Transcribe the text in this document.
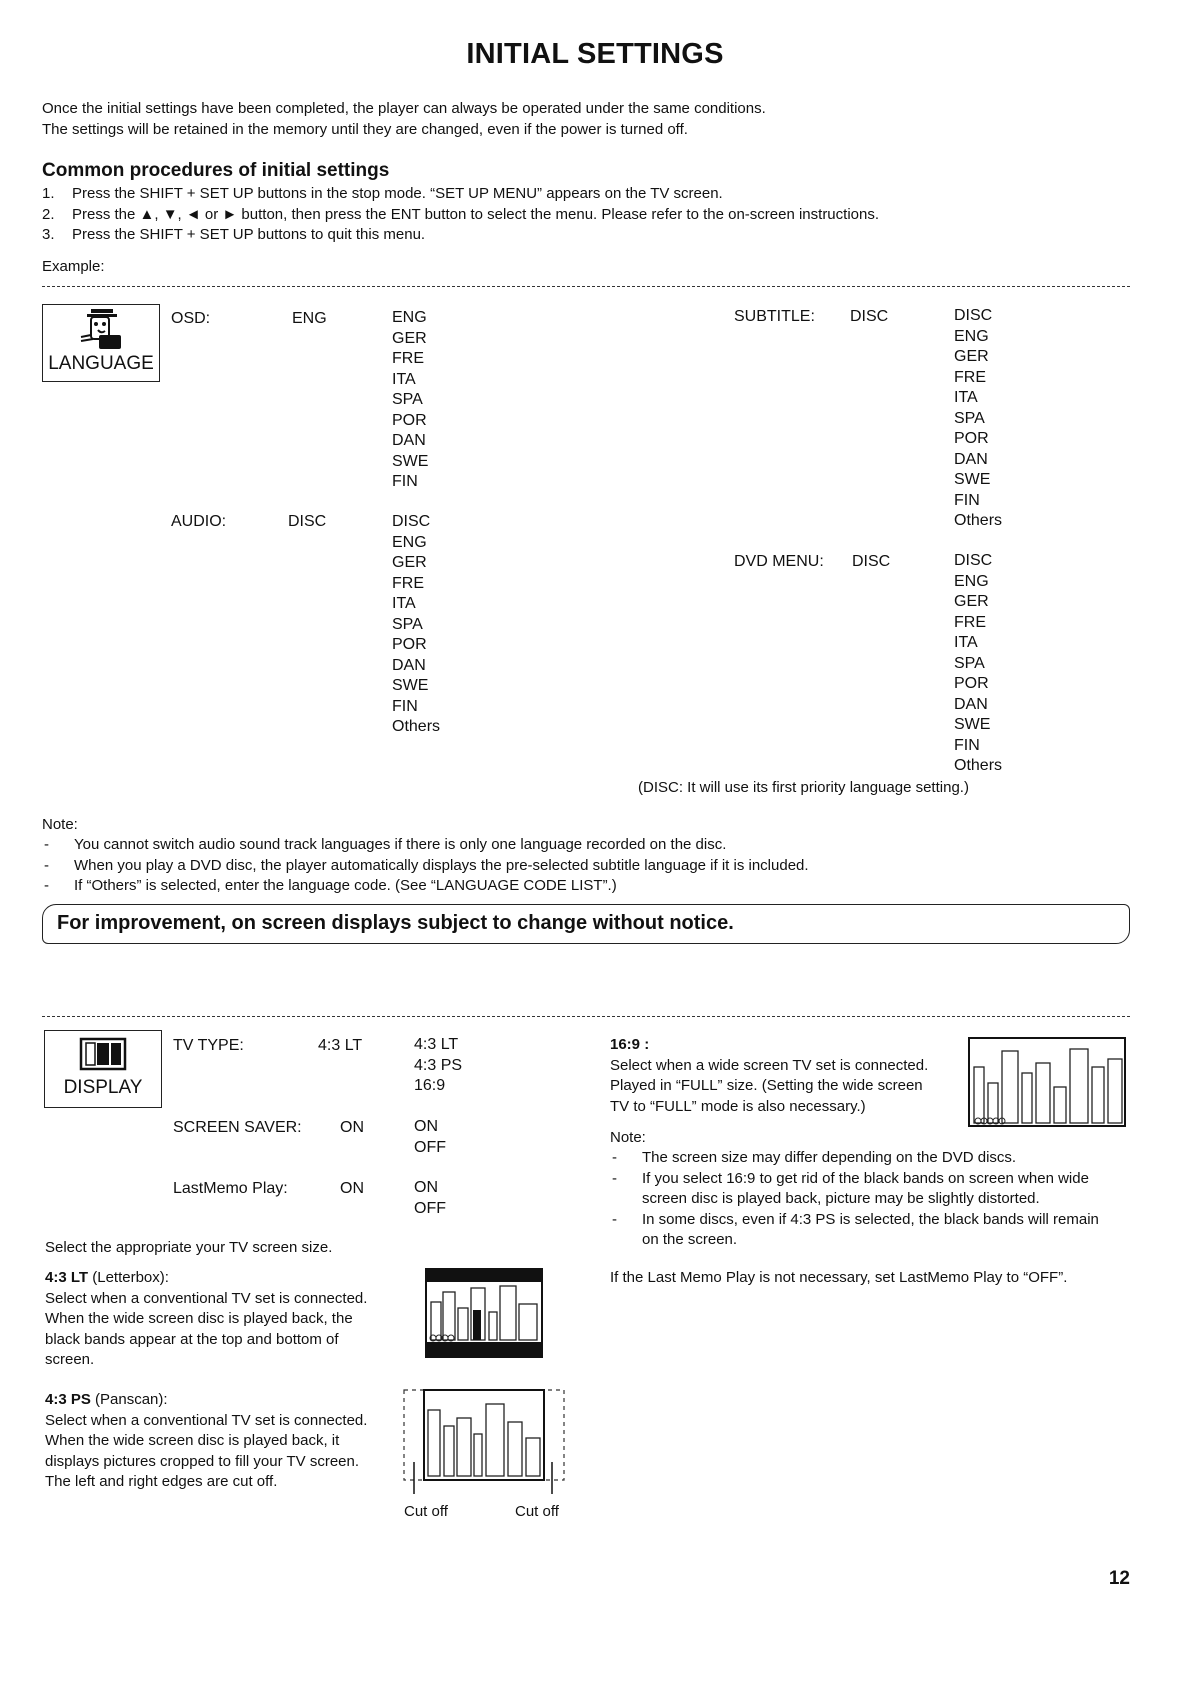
INITIAL SETTINGS
Once the initial settings have been completed, the player can always be operated under the same conditions.
The settings will be retained in the memory until they are changed, even if the power is turned off.
Common procedures of initial settings
1. Press the SHIFT + SET UP buttons in the stop mode. “SET UP MENU” appears on the TV screen.
2. Press the ▲, ▼, ◄ or ► button, then press the ENT button to select the menu. Please refer to the on-screen instructions.
3. Press the SHIFT + SET UP buttons to quit this menu.
Example:
LANGUAGE
OSD:	ENG	ENG
GER
FRE
ITA
SPA
POR
DAN
SWE
FIN
AUDIO:	DISC	DISC
ENG
GER
FRE
ITA
SPA
POR
DAN
SWE
FIN
Others
SUBTITLE: DISC	DISC
ENG
GER
FRE
ITA
SPA
POR
DAN
SWE
FIN
Others
DVD MENU: DISC	DISC
ENG
GER
FRE
ITA
SPA
POR
DAN
SWE
FIN
Others
(DISC: It will use its first priority language setting.)
Note:
- You cannot switch audio sound track languages if there is only one language recorded on the disc.
- When you play a DVD disc, the player automatically displays the pre-selected subtitle language if it is included.
- If “Others” is selected, enter the language code. (See “LANGUAGE CODE LIST”.)
For improvement, on screen displays subject to change without notice.
DISPLAY
TV TYPE:	4:3 LT	4:3 LT
4:3 PS
16:9
SCREEN SAVER: ON	ON
OFF
LastMemo Play:	ON	ON
OFF
Select the appropriate your TV screen size.
4:3 LT (Letterbox):
Select when a conventional TV set is connected.
When the wide screen disc is played back, the
black bands appear at the top and bottom of
screen.
4:3 PS (Panscan):
Select when a conventional TV set is connected.
When the wide screen disc is played back, it
displays pictures cropped to fill your TV screen.
The left and right edges are cut off.
Cut off	Cut off
16:9 :
Select when a wide screen TV set is connected.
Played in “FULL” size. (Setting the wide screen
TV to “FULL” mode is also necessary.)
Note:
- The screen size may differ depending on the DVD discs.
- If you select 16:9 to get rid of the black bands on screen when wide
screen disc is played back, picture may be slightly distorted.
- In some discs, even if 4:3 PS is selected, the black bands will remain
on the screen.
If the Last Memo Play is not necessary, set LastMemo Play to “OFF”.
12
